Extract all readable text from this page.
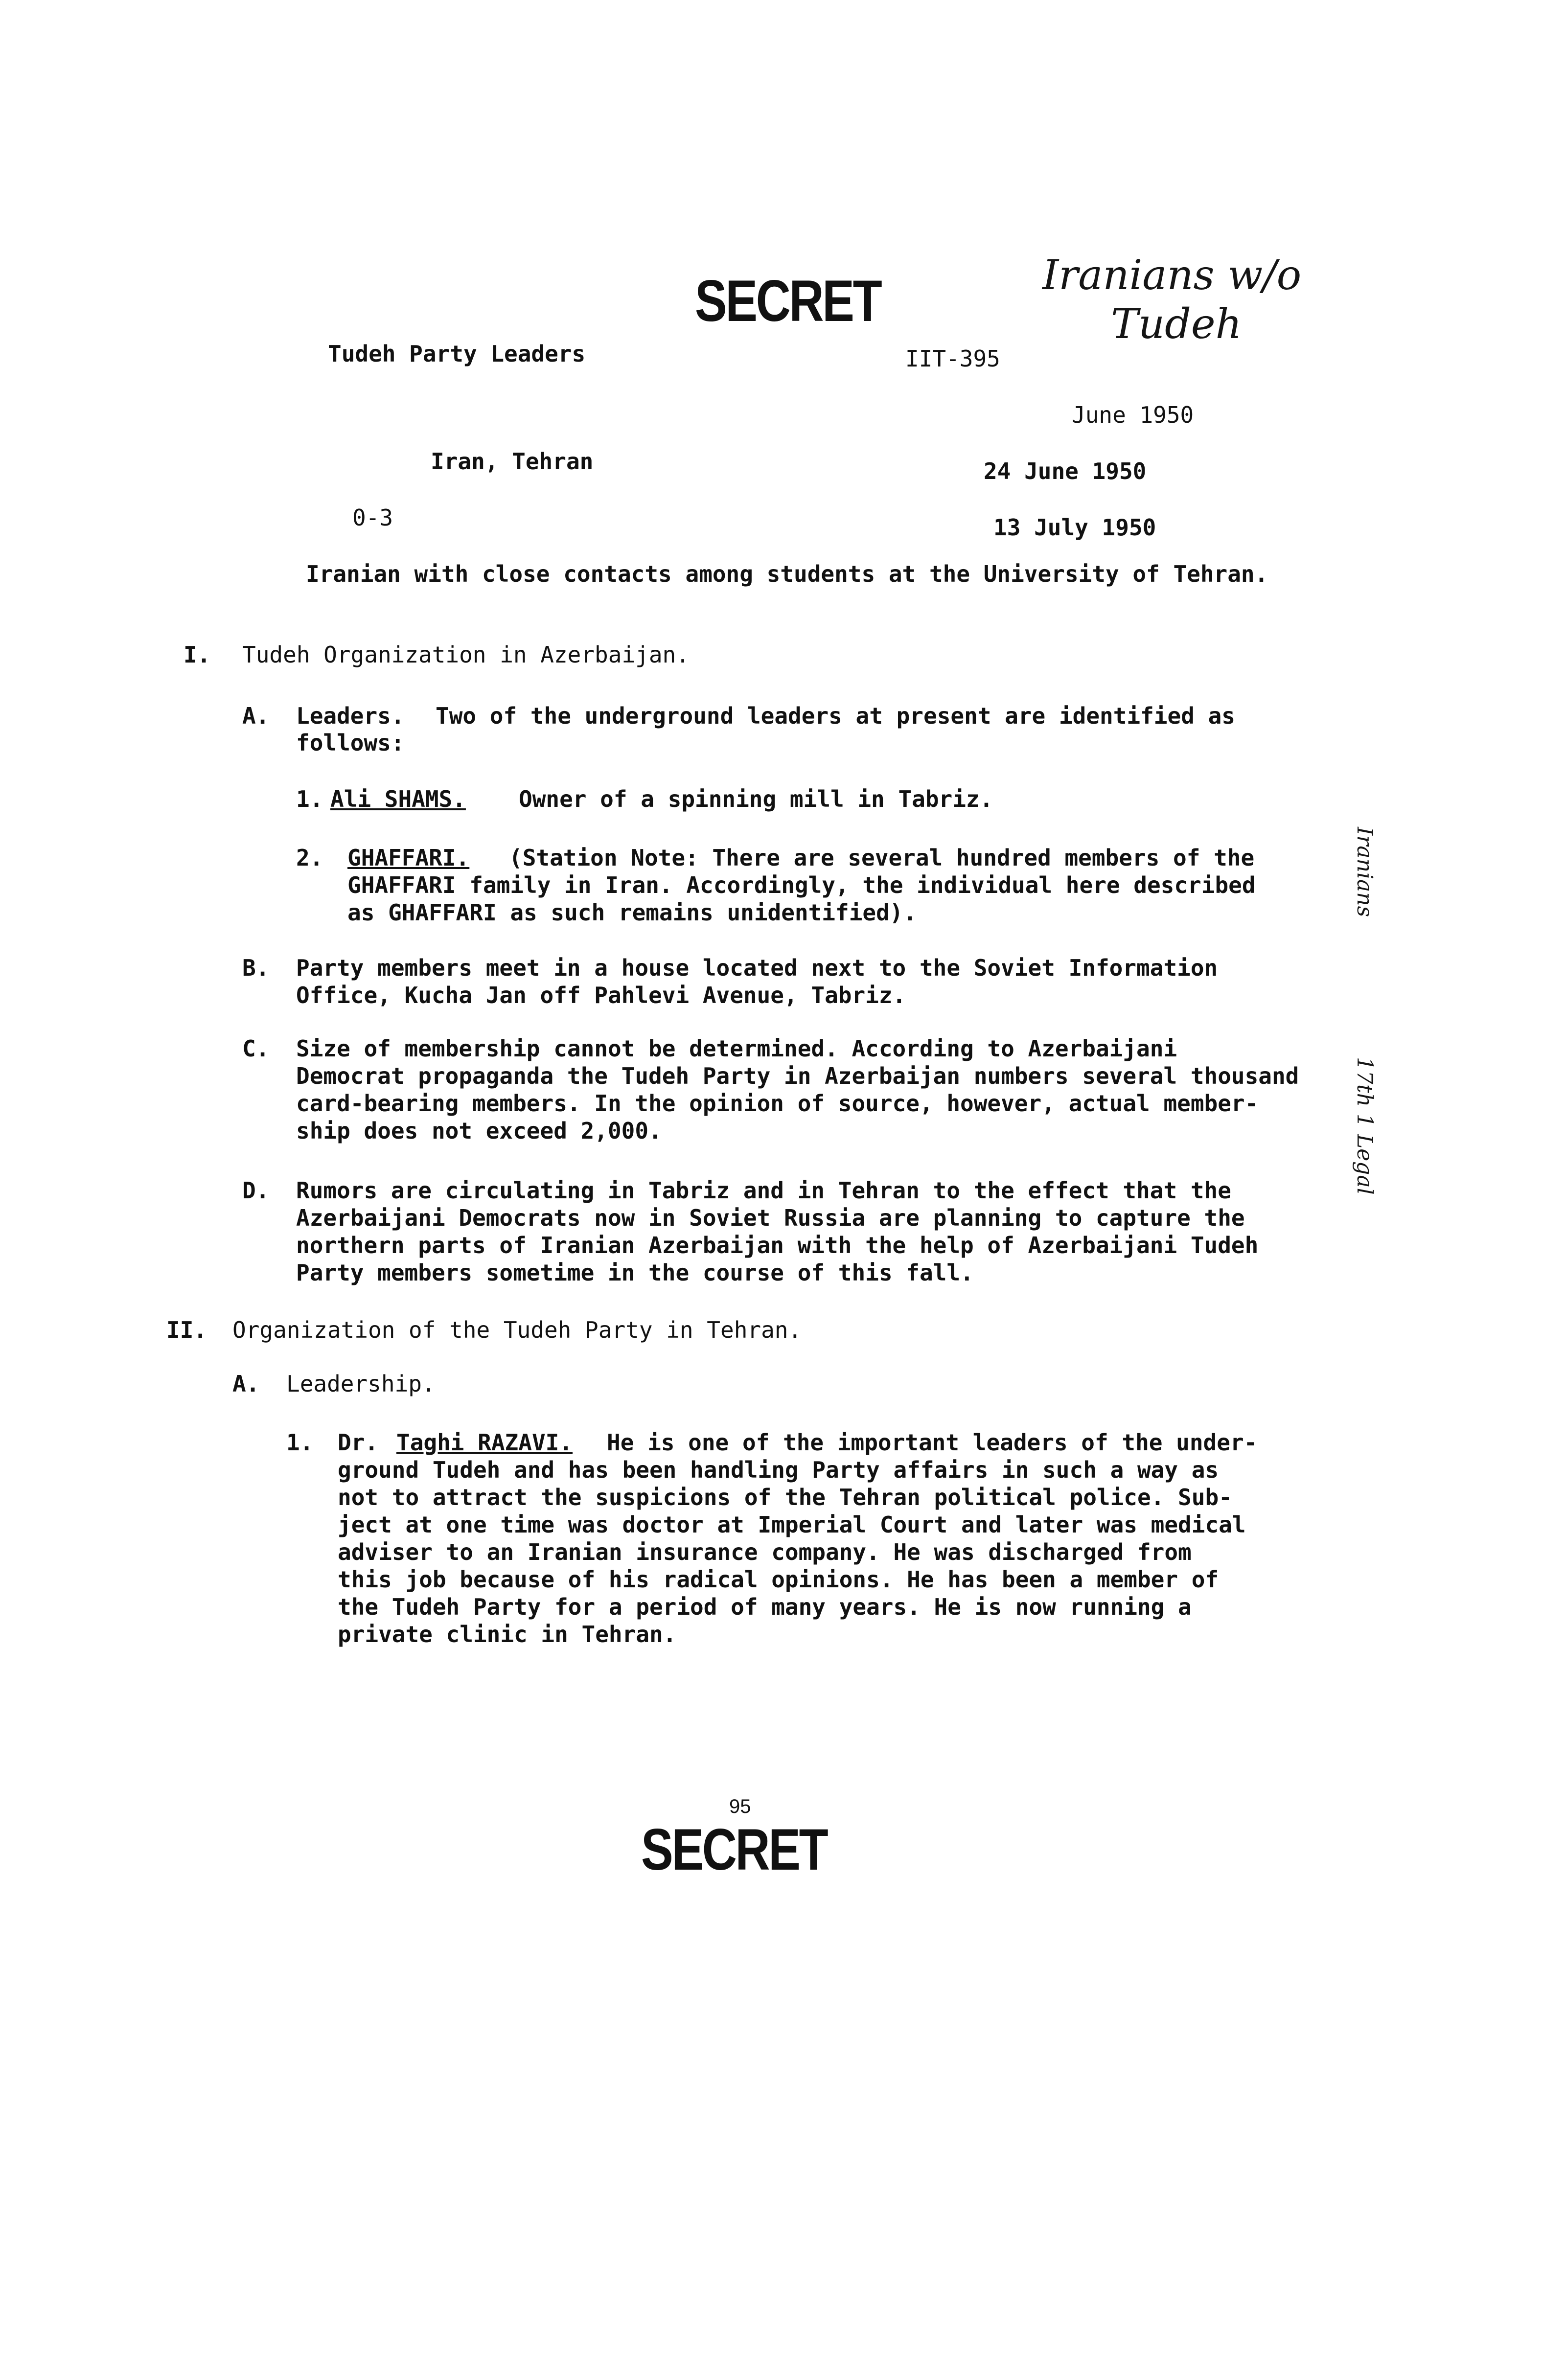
SECRET	Iranians w/o
Tudeh
Tudeh Party Leaders	IIT-395
June 1950
Iran, Tehran	24 June 1950
0-3	13 July 1950
Iranian with close contacts among students at the University of Tehran.
I. Tudeh Organization in Azerbaijan.
A. Leaders. Two of the underground leaders at present are identified as
follows:
1. Ali SHAMS. Owner of a spinning mill in Tabriz.
2. GHAFFARI. (Station Note: There are several hundred members of the
GHAFFARI family in Iran. Accordingly, the individual here described
as GHAFFARI as such remains unidentified).
B. Party members meet in a house located next to the Soviet Information
Office, Kucha Jan off Pahlevi Avenue, Tabriz.
C. Size of membership cannot be determined. According to Azerbaijani
Democrat propaganda the Tudeh Party in Azerbaijan numbers several thousand
card-bearing members. In the opinion of source, however, actual member-
ship does not exceed 2,000.
D. Rumors are circulating in Tabriz and in Tehran to the effect that the
Azerbaijani Democrats now in Soviet Russia are planning to capture the
northern parts of Iranian Azerbaijan with the help of Azerbaijani Tudeh
Party members sometime in the course of this fall.
II. Organization of the Tudeh Party in Tehran.
A. Leadership.
1. Dr. Taghi RAZAVI. He is one of the important leaders of the under-
ground Tudeh and has been handling Party affairs in such a way as
not to attract the suspicions of the Tehran political police. Sub-
ject at one time was doctor at Imperial Court and later was medical
adviser to an Iranian insurance company. He was discharged from
this job because of his radical opinions. He has been a member of
the Tudeh Party for a period of many years. He is now running a
private clinic in Tehran.
Iranians
17th 1 Legal
95
SECRET
